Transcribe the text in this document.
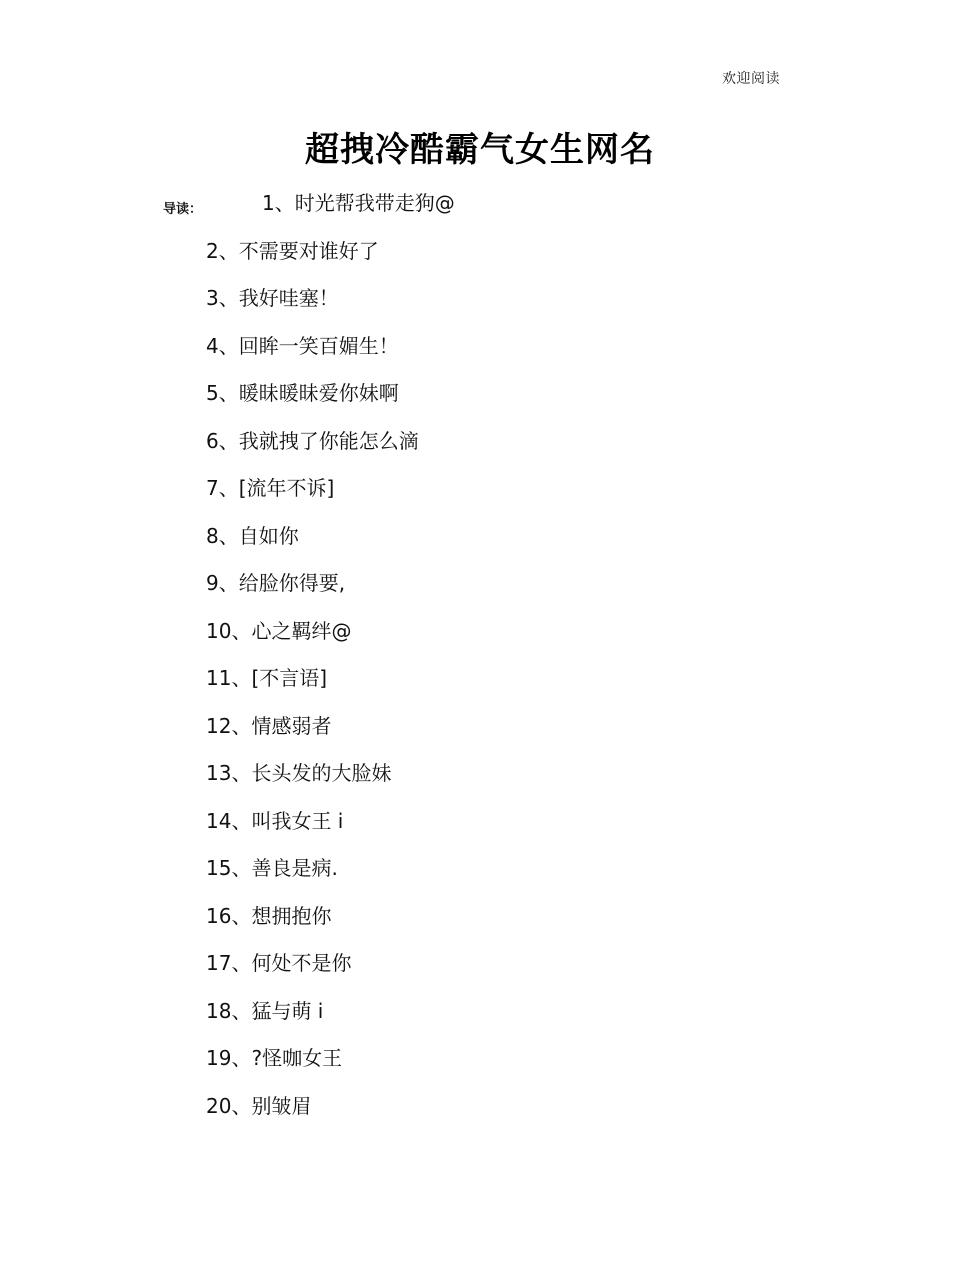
欢迎阅读
超拽冷酷霸气女生网名
导读：	1、时光帮我带走狗@
2、不需要对谁好了
3、我好哇塞！
4、回眸一笑百媚生！
5、暖昧暖昧爱你妹啊
6、我就拽了你能怎么滴
7、[流年不诉]
8、自如你
9、给脸你得要,
10、心之羁绊@
11、[不言语]
12、情感弱者
13、长头发的大脸妹
14、叫我女王 i
15、善良是病.
16、想拥抱你
17、何处不是你
18、猛与萌 i
19、?怪咖女王
20、别皱眉
